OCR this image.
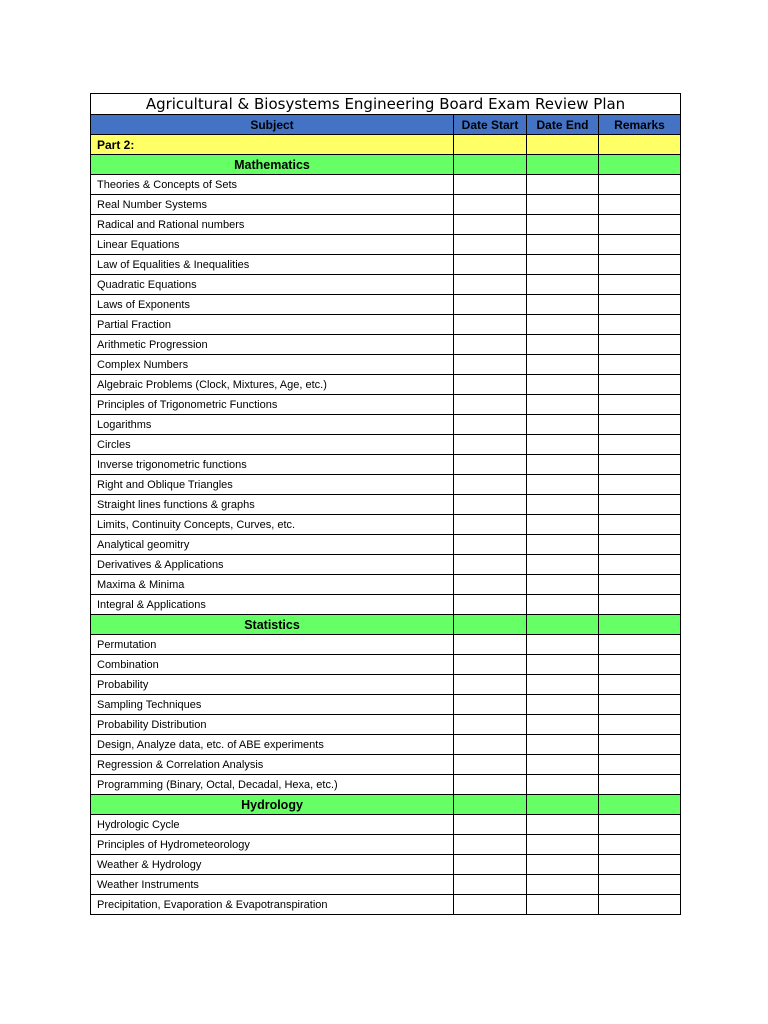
Agricultural & Biosystems Engineering Board Exam Review Plan			
Subject	Date Start	Date End	Remarks
Part 2:			
Mathematics			
Theories & Concepts of Sets			
Real Number Systems			
Radical and Rational numbers			
Linear Equations			
Law of Equalities & Inequalities			
Quadratic Equations			
Laws of Exponents			
Partial Fraction			
Arithmetic Progression			
Complex Numbers			
Algebraic Problems (Clock, Mixtures, Age, etc.)			
Principles of Trigonometric Functions			
Logarithms			
Circles			
Inverse trigonometric functions			
Right and Oblique Triangles			
Straight lines functions & graphs			
Limits, Continuity Concepts, Curves, etc.			
Analytical geomitry			
Derivatives & Applications			
Maxima & Minima			
Integral & Applications			
Statistics			
Permutation			
Combination			
Probability			
Sampling Techniques			
Probability Distribution			
Design, Analyze data, etc. of ABE experiments			
Regression & Correlation Analysis			
Programming (Binary, Octal, Decadal, Hexa, etc.)			
Hydrology			
Hydrologic Cycle			
Principles of Hydrometeorology			
Weather & Hydrology			
Weather Instruments			
Precipitation, Evaporation & Evapotranspiration			
